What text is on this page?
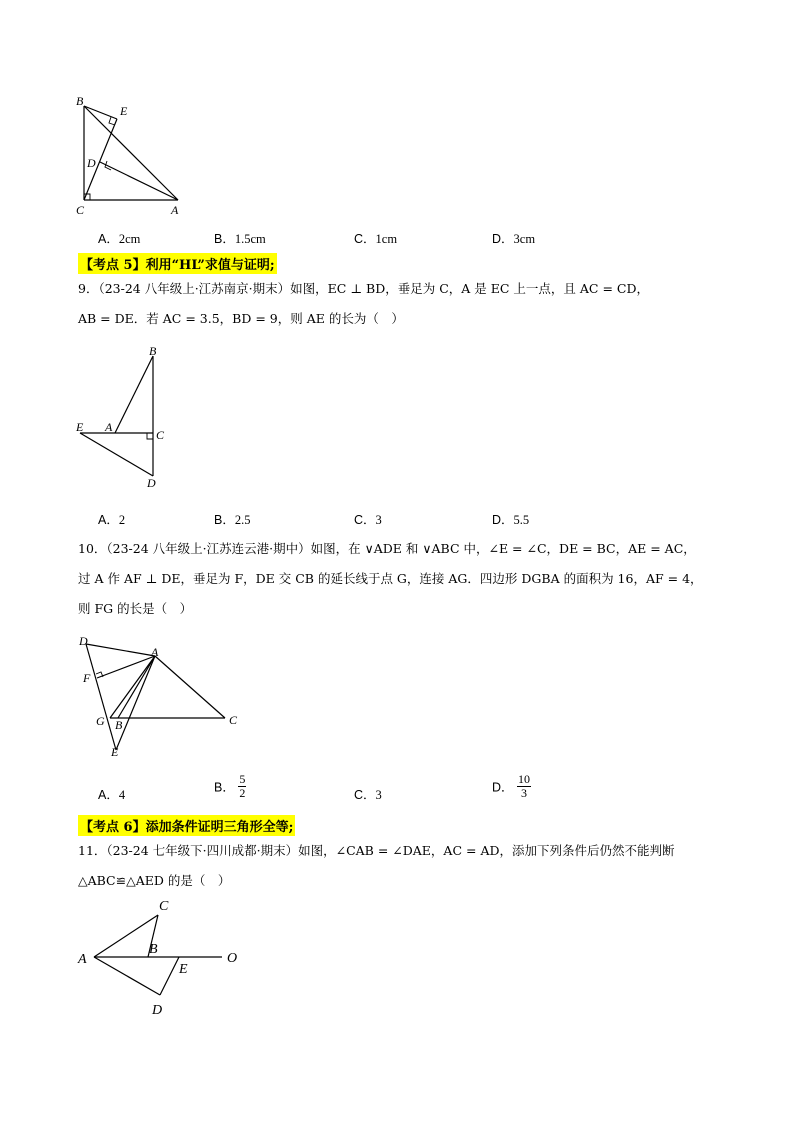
B
E
D
C	A
A．2cm	B．1.5cm	C．1cm	D．3cm
【考点 5】利用“HL”求值与证明;
9．（23-24 八年级上·江苏南京·期末）如图，EC ⊥ BD，垂足为 C，A 是 EC 上一点，且 AC = CD，
AB = DE．若 AC = 3.5，BD = 9，则 AE 的长为（　）
B
E A
C
D
A．2	B．2.5	C．3	D．5.5
10．（23-24 八年级上·江苏连云港·期中）如图，在 ∨ADE 和 ∨ABC 中，∠E = ∠C，DE = BC，AE = AC，
过 A 作 AF ⊥ DE，垂足为 F，DE 交 CB 的延长线于点 G，连接 AG．四边形 DGBA 的面积为 16，AF = 4，
则 FG 的长是（　）
D
A
F
G B	C
E
A．4
B． $\frac{5}{2}$	C．3
D． $\frac{10}{3}$
【考点 6】添加条件证明三角形全等;
11．（23-24 七年级下·四川成都·期末）如图，∠CAB = ∠DAE，AC = AD，添加下列条件后仍然不能判断
△ABC≌△AED 的是（　）
C
A
B
E
O
D
